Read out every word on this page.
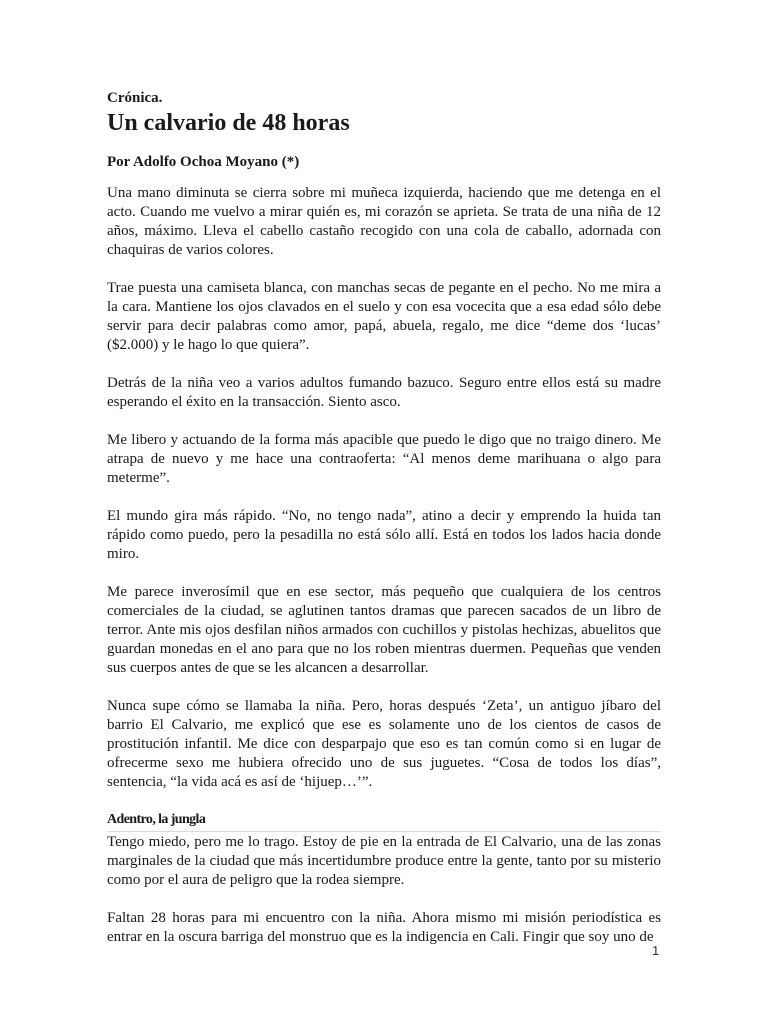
Crónica.

Un calvario de 48 horas

Por Adolfo Ochoa Moyano (*)

Una mano diminuta se cierra sobre mi muñeca izquierda, haciendo que me detenga en el acto. Cuando me vuelvo a mirar quién es, mi corazón se aprieta. Se trata de una niña de 12 años, máximo. Lleva el cabello castaño recogido con una cola de caballo, adornada con chaquiras de varios colores.

Trae puesta una camiseta blanca, con manchas secas de pegante en el pecho. No me mira a la cara. Mantiene los ojos clavados en el suelo y con esa vocecita que a esa edad sólo debe servir para decir palabras como amor, papá, abuela, regalo, me dice “deme dos ‘lucas’ ($2.000) y le hago lo que quiera”.

Detrás de la niña veo a varios adultos fumando bazuco. Seguro entre ellos está su madre esperando el éxito en la transacción. Siento asco.

Me libero y actuando de la forma más apacible que puedo le digo que no traigo dinero. Me atrapa de nuevo y me hace una contraoferta: “Al menos deme marihuana o algo para meterme”.

El mundo gira más rápido. “No, no tengo nada”, atino a decir y emprendo la huida tan rápido como puedo, pero la pesadilla no está sólo allí. Está en todos los lados hacia donde miro.

Me parece inverosímil que en ese sector, más pequeño que cualquiera de los centros comerciales de la ciudad, se aglutinen tantos dramas que parecen sacados de un libro de terror. Ante mis ojos desfilan niños armados con cuchillos y pistolas hechizas, abuelitos que guardan monedas en el ano para que no los roben mientras duermen. Pequeñas que venden sus cuerpos antes de que se les alcancen a desarrollar.

Nunca supe cómo se llamaba la niña. Pero, horas después ‘Zeta’, un antiguo jíbaro del barrio El Calvario, me explicó que ese es solamente uno de los cientos de casos de prostitución infantil. Me dice con desparpajo que eso es tan común como si en lugar de ofrecerme sexo me hubiera ofrecido uno de sus juguetes. “Cosa de todos los días”, sentencia, “la vida acá es así de ‘hijuep…’”.

Adentro, la jungla

Tengo miedo, pero me lo trago. Estoy de pie en la entrada de El Calvario, una de las zonas marginales de la ciudad que más incertidumbre produce entre la gente, tanto por su misterio como por el aura de peligro que la rodea siempre.

Faltan 28 horas para mi encuentro con la niña. Ahora mismo mi misión periodística es entrar en la oscura barriga del monstruo que es la indigencia en Cali. Fingir que soy uno de

1
